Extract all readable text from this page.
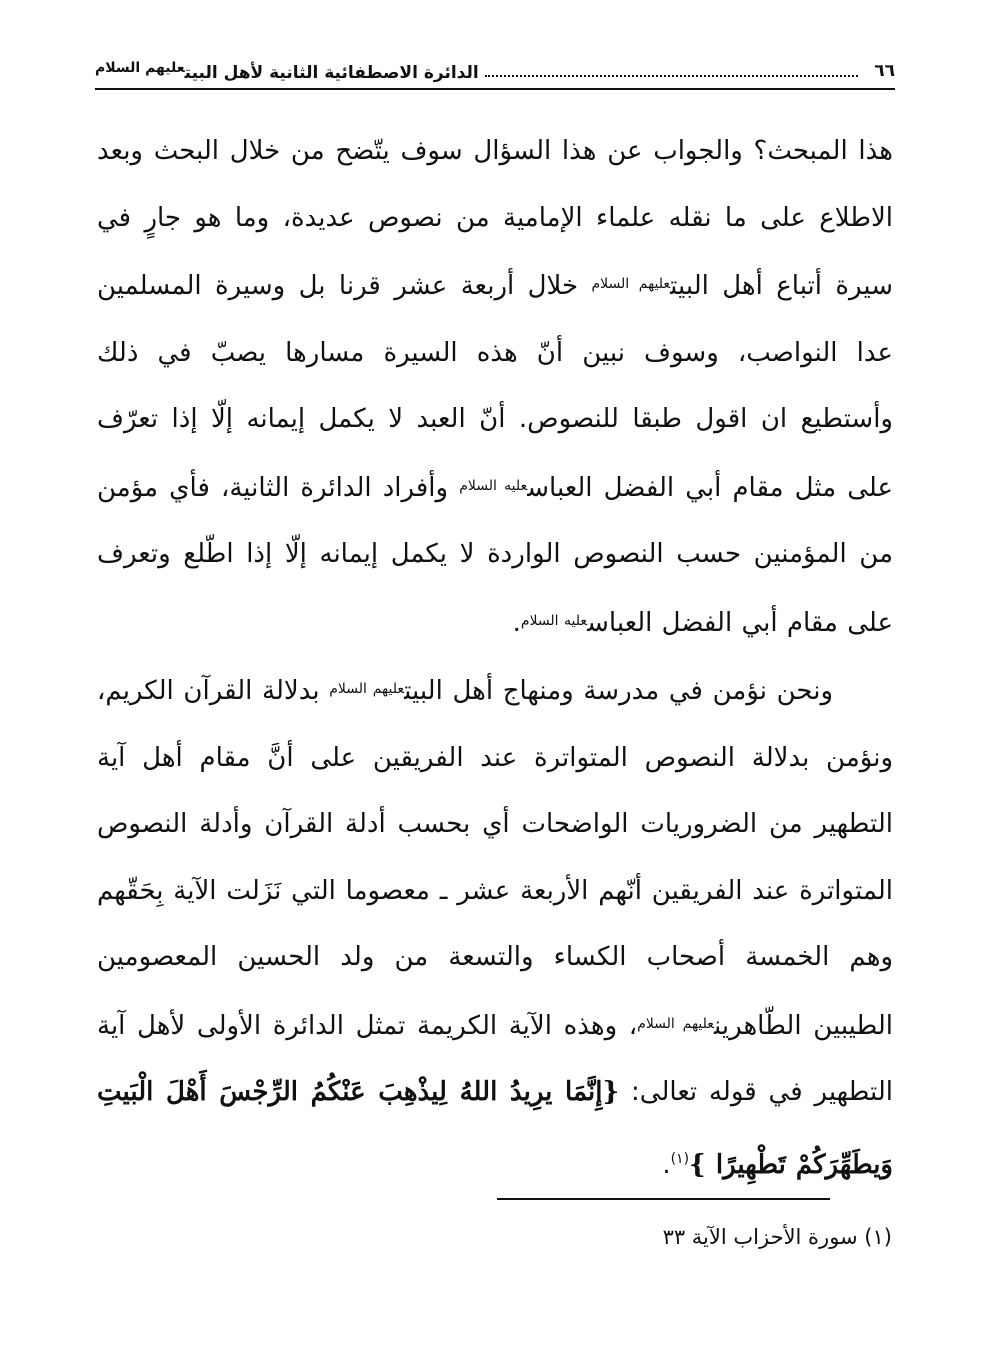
٦٦
الدائرة الاصطفائية الثانية لأهل البيت$^{عليهم السلام}$

هذا المبحث؟ والجواب عن هذا السؤال سوف يتّضح من خلال البحث وبعد الاطلاع على ما نقله علماء الإمامية من نصوص عديدة، وما هو جارٍ في سيرة أتباع أهل البيت$^{عليهم السلام}$ خلال أربعة عشر قرنا بل وسيرة المسلمين عدا النواصب، وسوف نبين أنّ هذه السيرة مسارها يصبّ في ذلك وأستطيع ان اقول طبقا للنصوص. أنّ العبد لا يكمل إيمانه إلّا إذا تعرّف على مثل مقام أبي الفضل العباس$^{عليه السلام}$ وأفراد الدائرة الثانية، فأي مؤمن من المؤمنين حسب النصوص الواردة لا يكمل إيمانه إلّا إذا اطّلع وتعرف على مقام أبي الفضل العباس$^{عليه السلام}$.

ونحن نؤمن في مدرسة ومنهاج أهل البيت$^{عليهم السلام}$ بدلالة القرآن الكريم، ونؤمن بدلالة النصوص المتواترة عند الفريقين على أنَّ مقام أهل آية التطهير من الضروريات الواضحات أي بحسب أدلة القرآن وأدلة النصوص المتواترة عند الفريقين أنّهم الأربعة عشر ـ معصوما التي نَزَلت الآية بِحَقّهم وهم الخمسة أصحاب الكساء والتسعة من ولد الحسين المعصومين الطيبين الطّاهرين$^{عليهم السلام}$، وهذه الآية الكريمة تمثل الدائرة الأولى لأهل آية التطهير في قوله تعالى: {إِنَّمَا يرِيدُ اللهُ لِيذْهِبَ عَنْكُمُ الرِّجْسَ أَهْلَ الْبَيتِ وَيطَهِّرَكُمْ تَطْهِيرًا }$^{(١)}$.

(١) سورة الأحزاب الآية ٣٣
